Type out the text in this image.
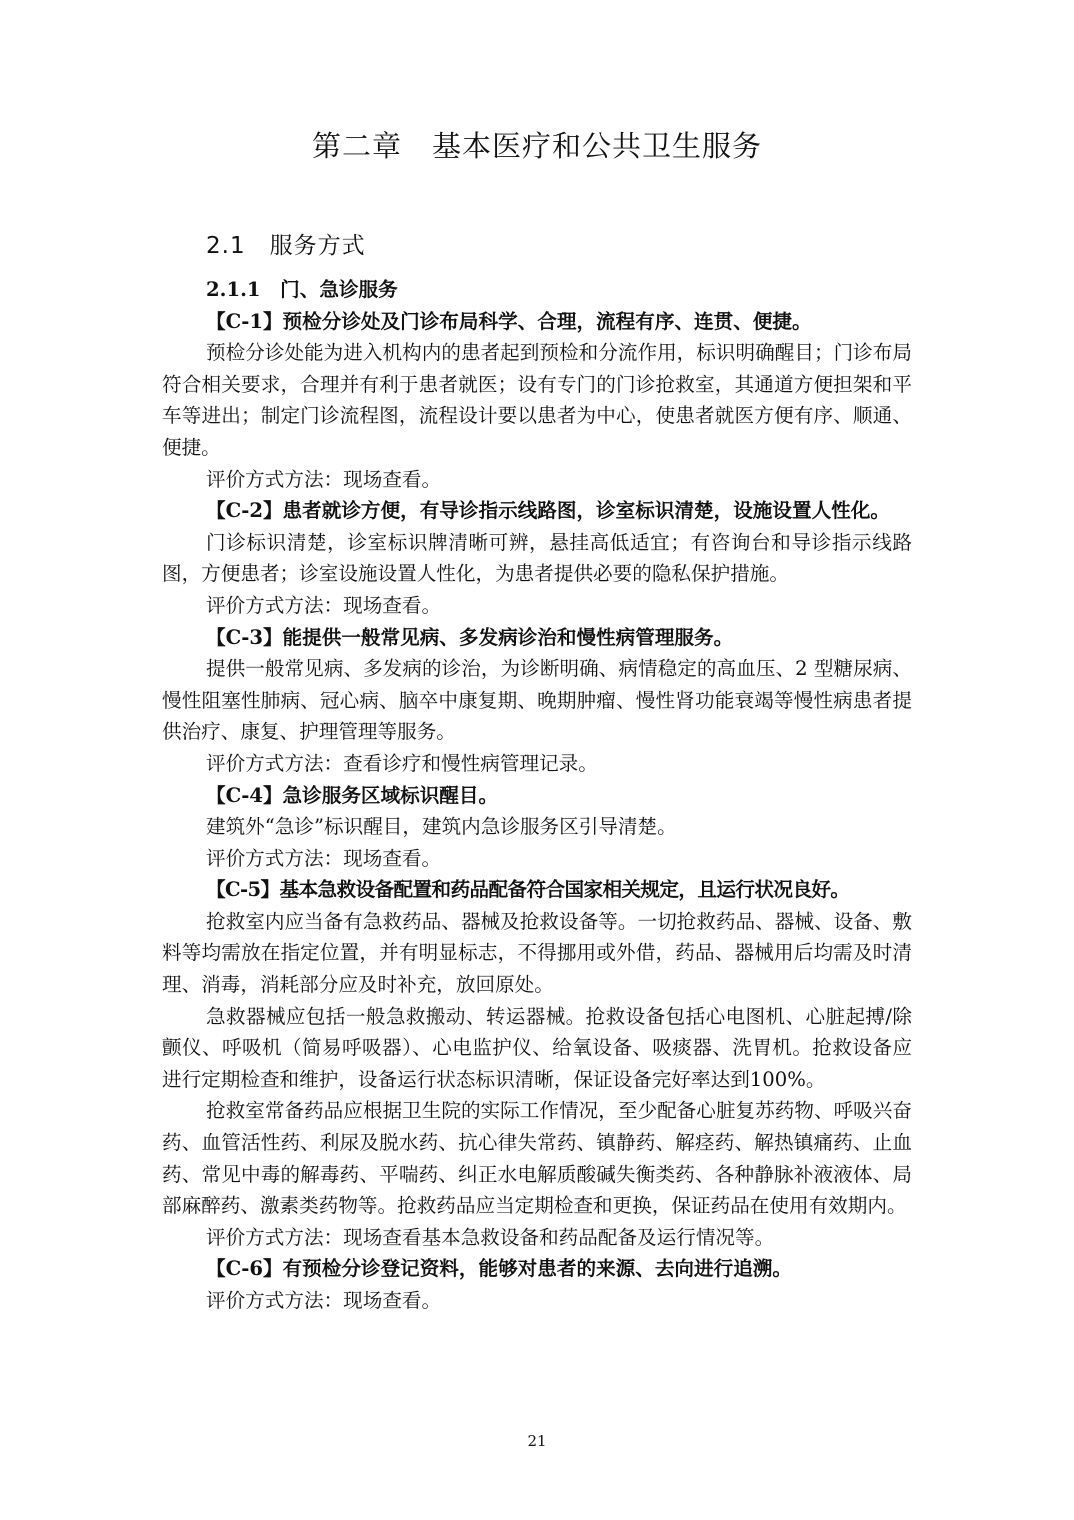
第二章　基本医疗和公共卫生服务
2.1　服务方式

2.1.1　门、急诊服务

【C-1】预检分诊处及门诊布局科学、合理，流程有序、连贯、便捷。

预检分诊处能为进入机构内的患者起到预检和分流作用，标识明确醒目；门诊布局符合相关要求，合理并有利于患者就医；设有专门的门诊抢救室，其通道方便担架和平车等进出；制定门诊流程图，流程设计要以患者为中心，使患者就医方便有序、顺通、便捷。

评价方式方法：现场查看。

【C-2】患者就诊方便，有导诊指示线路图，诊室标识清楚，设施设置人性化。

门诊标识清楚，诊室标识牌清晰可辨，悬挂高低适宜；有咨询台和导诊指示线路图，方便患者；诊室设施设置人性化，为患者提供必要的隐私保护措施。

评价方式方法：现场查看。

【C-3】能提供一般常见病、多发病诊治和慢性病管理服务。

提供一般常见病、多发病的诊治，为诊断明确、病情稳定的高血压、2 型糖尿病、慢性阻塞性肺病、冠心病、脑卒中康复期、晚期肿瘤、慢性肾功能衰竭等慢性病患者提供治疗、康复、护理管理等服务。

评价方式方法：查看诊疗和慢性病管理记录。

【C-4】急诊服务区域标识醒目。

建筑外“急诊”标识醒目，建筑内急诊服务区引导清楚。

评价方式方法：现场查看。

【C-5】基本急救设备配置和药品配备符合国家相关规定，且运行状况良好。

抢救室内应当备有急救药品、器械及抢救设备等。一切抢救药品、器械、设备、敷料等均需放在指定位置，并有明显标志，不得挪用或外借，药品、器械用后均需及时清理、消毒，消耗部分应及时补充，放回原处。

急救器械应包括一般急救搬动、转运器械。抢救设备包括心电图机、心脏起搏/除颤仪、呼吸机（简易呼吸器）、心电监护仪、给氧设备、吸痰器、洗胃机。抢救设备应进行定期检查和维护，设备运行状态标识清晰，保证设备完好率达到100%。

抢救室常备药品应根据卫生院的实际工作情况，至少配备心脏复苏药物、呼吸兴奋药、血管活性药、利尿及脱水药、抗心律失常药、镇静药、解痉药、解热镇痛药、止血药、常见中毒的解毒药、平喘药、纠正水电解质酸碱失衡类药、各种静脉补液液体、局部麻醉药、激素类药物等。抢救药品应当定期检查和更换，保证药品在使用有效期内。

评价方式方法：现场查看基本急救设备和药品配备及运行情况等。

【C-6】有预检分诊登记资料，能够对患者的来源、去向进行追溯。

评价方式方法：现场查看。

21
